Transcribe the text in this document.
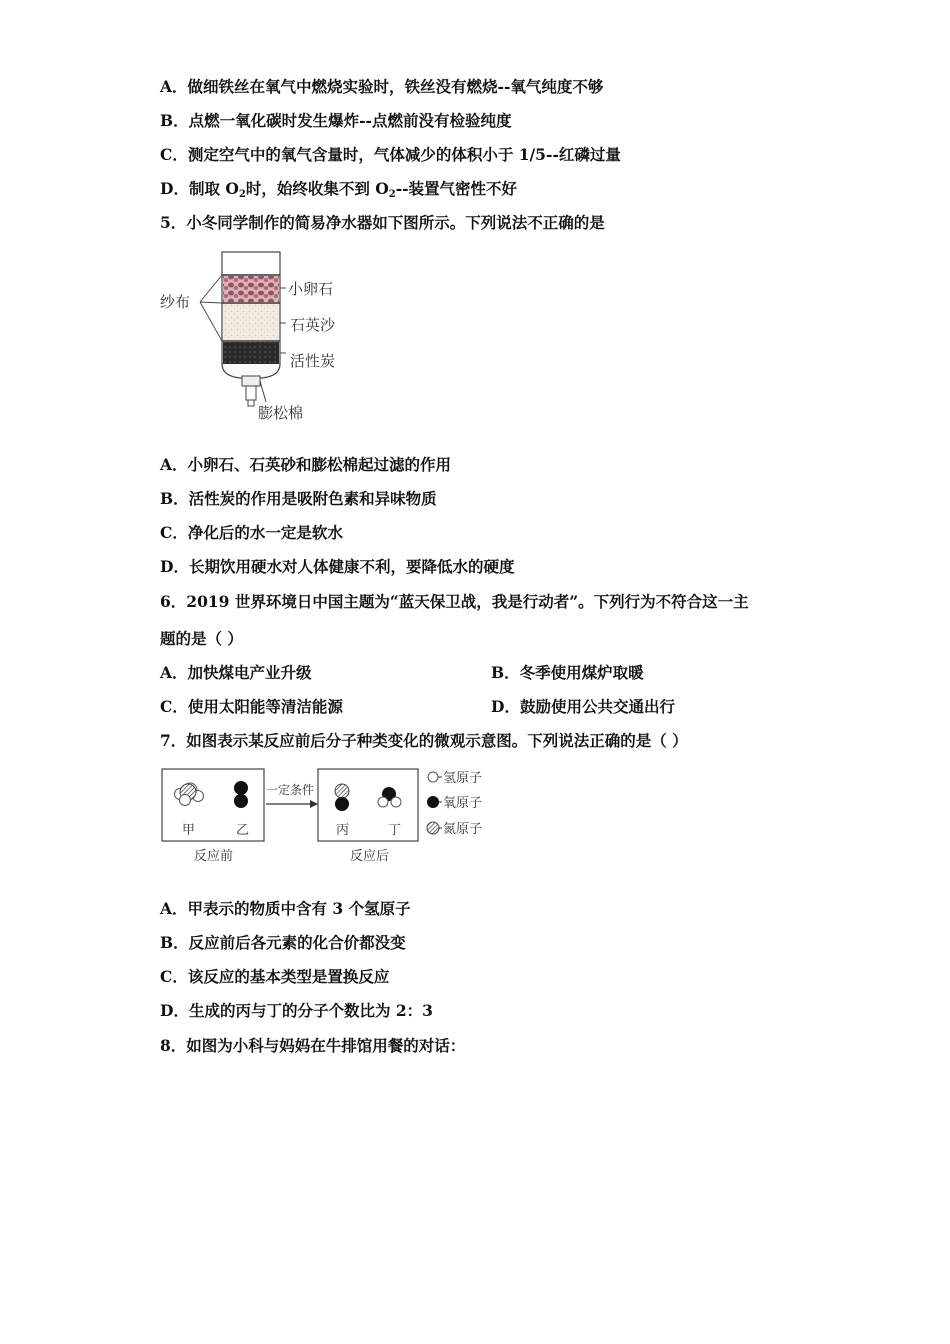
A．做细铁丝在氧气中燃烧实验时，铁丝没有燃烧--氧气纯度不够
B．点燃一氧化碳时发生爆炸--点燃前没有检验纯度
C．测定空气中的氧气含量时，气体减少的体积小于 1/5--红磷过量
D．制取 $O_2$时，始终收集不到 $O_2--$装置气密性不好
5．小冬同学制作的简易净水器如下图所示。下列说法不正确的是
纱布
小卵石
石英沙
活性炭
膨松棉
A．小卵石、石英砂和膨松棉起过滤的作用
B．活性炭的作用是吸附色素和异味物质
C．净化后的水一定是软水
D．长期饮用硬水对人体健康不利，要降低水的硬度
6．2019 世界环境日中国主题为“蓝天保卫战，我是行动者”。下列行为不符合这一主
题的是（ ）
A．加快煤电产业升级	B．冬季使用煤炉取暖
C．使用太阳能等清洁能源	D．鼓励使用公共交通出行
7．如图表示某反应前后分子种类变化的微观示意图。下列说法正确的是（ ）
甲	乙
反应前
一定条件
丙	丁
反应后
氢原子
氧原子
氮原子
A．甲表示的物质中含有 3 个氢原子
B．反应前后各元素的化合价都没变
C．该反应的基本类型是置换反应
D．生成的丙与丁的分子个数比为 2：3
8．如图为小科与妈妈在牛排馆用餐的对话：
